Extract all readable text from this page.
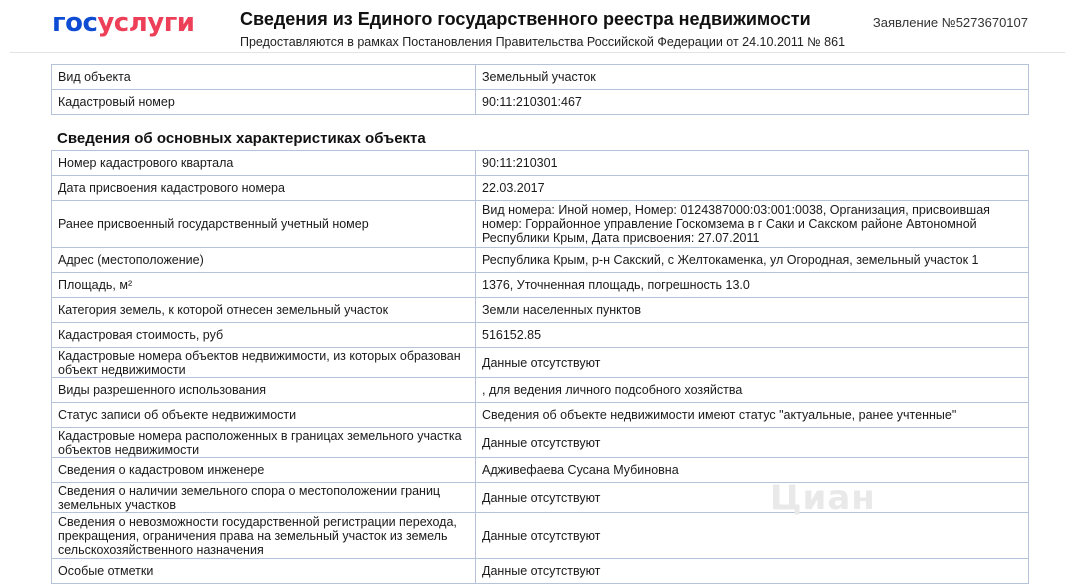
госуслуги	Сведения из Единого государственного реестра недвижимости
Предоставляются в рамках Постановления Правительства Российской Федерации от 24.10.2011 № 861
Заявление №5273670107
Вид объекта	Земельный участок
Кадастровый номер	90:11:210301:467
Сведения об основных характеристиках объекта
Номер кадастрового квартала	90:11:210301
Дата присвоения кадастрового номера	22.03.2017
Ранее присвоенный государственный учетный номер	Вид номера: Иной номер, Номер: 0124387000:03:001:0038, Организация, присвоившая номер: Горрайонное управление Госкомзема в г Саки и Сакском районе Автономной Республики Крым, Дата присвоения: 27.07.2011
Адрес (местоположение)	Республика Крым, р-н Сакский, с Желтокаменка, ул Огородная, земельный участок 1
Площадь, м²	1376, Уточненная площадь, погрешность 13.0
Категория земель, к которой отнесен земельный участок	Земли населенных пунктов
Кадастровая стоимость, руб	516152.85
Кадастровые номера объектов недвижимости, из которых образован объект недвижимости	Данные отсутствуют
Виды разрешенного использования	, для ведения личного подсобного хозяйства
Статус записи об объекте недвижимости	Сведения об объекте недвижимости имеют статус "актуальные, ранее учтенные"
Кадастровые номера расположенных в границах земельного участка объектов недвижимости	Данные отсутствуют
Сведения о кадастровом инженере	Адживефаева Сусана Мубиновна
Сведения о наличии земельного спора о местоположении границ земельных участков	Данные отсутствуют
Сведения о невозможности государственной регистрации перехода, прекращения, ограничения права на земельный участок из земель сельскохозяйственного назначения	Данные отсутствуют
Особые отметки	Данные отсутствуют
Циан
